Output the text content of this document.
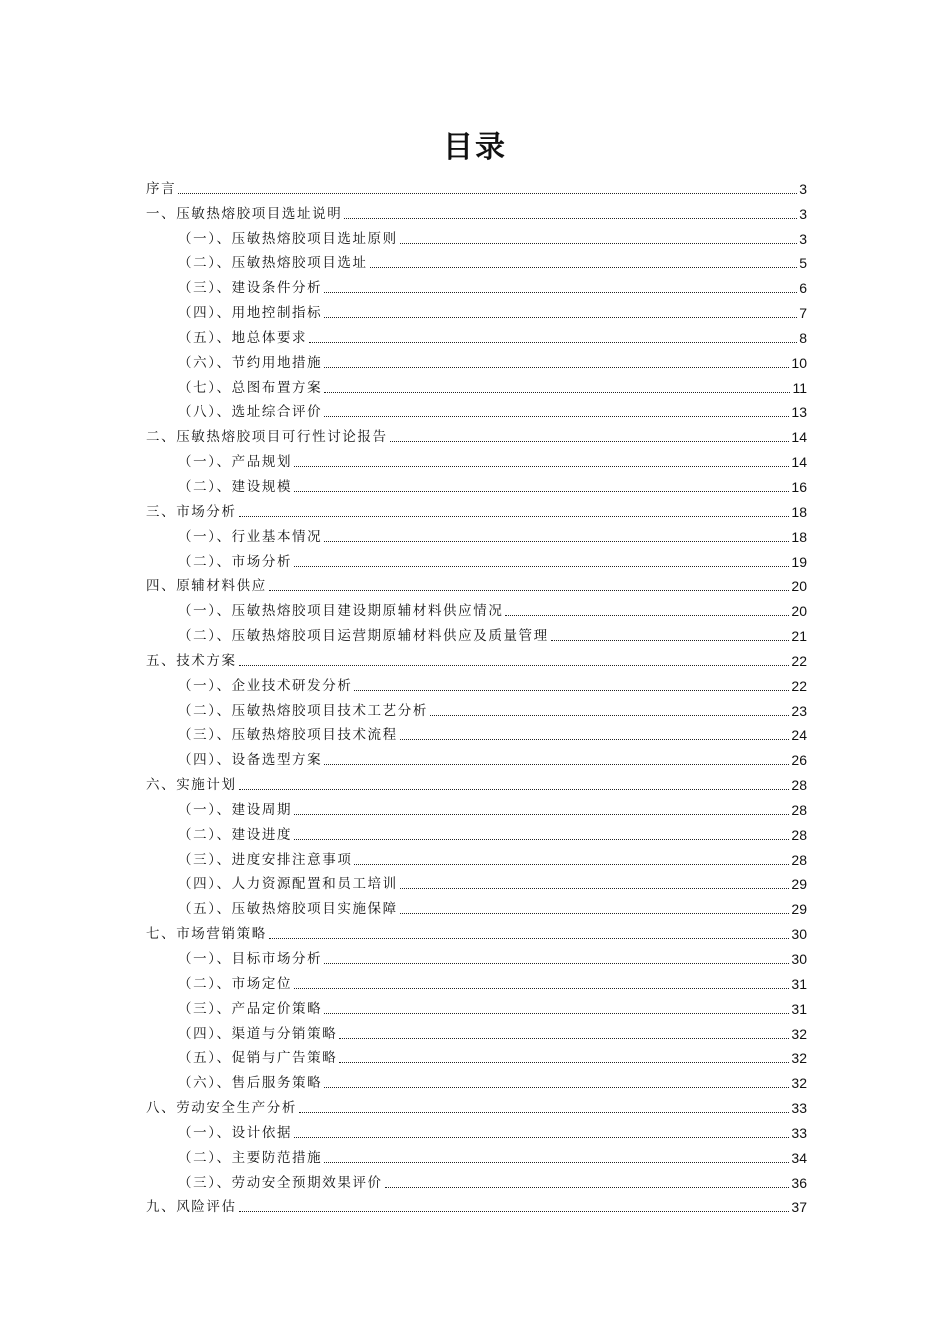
目录
序言	3
一、压敏热熔胶项目选址说明	3
（一）、压敏热熔胶项目选址原则	3
（二）、压敏热熔胶项目选址	5
（三）、建设条件分析	6
（四）、用地控制指标	7
（五）、地总体要求	8
（六）、节约用地措施	10
（七）、总图布置方案	11
（八）、选址综合评价	13
二、压敏热熔胶项目可行性讨论报告	14
（一）、产品规划	14
（二）、建设规模	16
三、市场分析	18
（一）、行业基本情况	18
（二）、市场分析	19
四、原辅材料供应	20
（一）、压敏热熔胶项目建设期原辅材料供应情况	20
（二）、压敏热熔胶项目运营期原辅材料供应及质量管理	21
五、技术方案	22
（一）、企业技术研发分析	22
（二）、压敏热熔胶项目技术工艺分析	23
（三）、压敏热熔胶项目技术流程	24
（四）、设备选型方案	26
六、实施计划	28
（一）、建设周期	28
（二）、建设进度	28
（三）、进度安排注意事项	28
（四）、人力资源配置和员工培训	29
（五）、压敏热熔胶项目实施保障	29
七、市场营销策略	30
（一）、目标市场分析	30
（二）、市场定位	31
（三）、产品定价策略	31
（四）、渠道与分销策略	32
（五）、促销与广告策略	32
（六）、售后服务策略	32
八、劳动安全生产分析	33
（一）、设计依据	33
（二）、主要防范措施	34
（三）、劳动安全预期效果评价	36
九、风险评估	37
